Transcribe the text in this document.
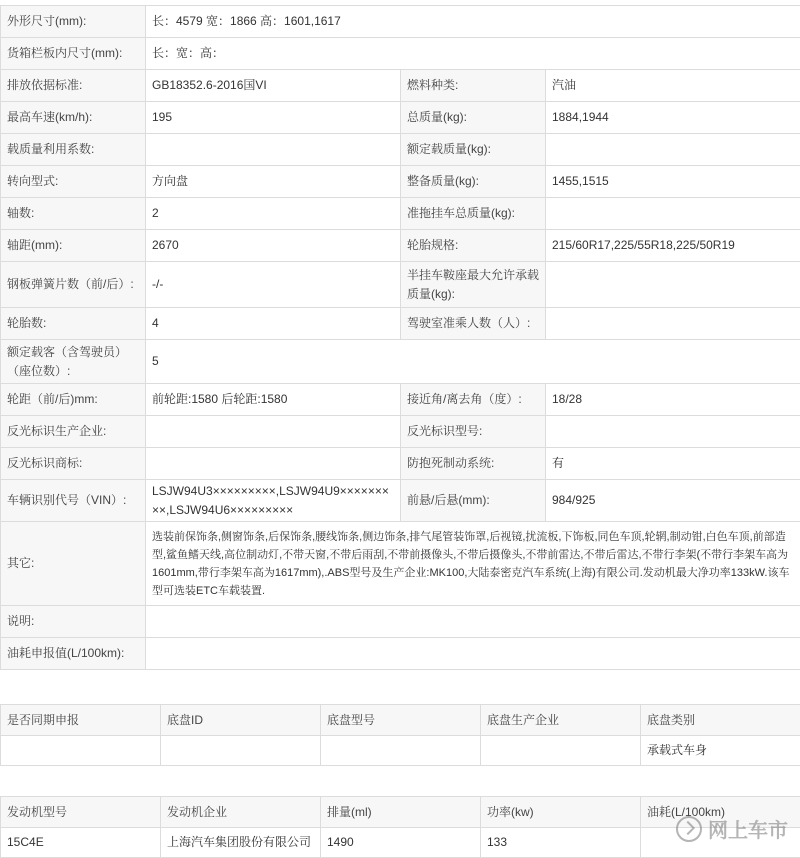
外形尺寸(mm):	长：4579 宽：1866 高：1601,1617		
货箱栏板内尺寸(mm):	长：宽：高：		
排放依据标准:	GB18352.6-2016国VI	燃料种类:	汽油
最高车速(km/h):	195	总质量(kg):	1884,1944
载质量利用系数:		额定载质量(kg):	
转向型式:	方向盘	整备质量(kg):	1455,1515
轴数:	2	准拖挂车总质量(kg):	
轴距(mm):	2670	轮胎规格:	215/60R17,225/55R18,225/50R19
钢板弹簧片数（前/后）:	-/-	半挂车鞍座最大允许承载质量(kg):	
轮胎数:	4	驾驶室准乘人数（人）:	
额定载客（含驾驶员）（座位数）:	5		
轮距（前/后)mm:	前轮距:1580 后轮距:1580	接近角/离去角（度）:	18/28
反光标识生产企业:		反光标识型号:	
反光标识商标:		防抱死制动系统:	有
车辆识别代号（VIN）:	LSJW94U3×××××××××,LSJW94U9×××××××××,LSJW94U6×××××××××	前悬/后悬(mm):	984/925
其它:	选装前保饰条,侧窗饰条,后保饰条,腰线饰条,侧边饰条,排气尾管装饰罩,后视镜,扰流板,下饰板,同色车顶,轮辋,制动钳,白色车顶,前部造型,鲨鱼鳍天线,高位制动灯,不带天窗,不带后雨刮,不带前摄像头,不带后摄像头,不带前雷达,不带后雷达,不带行李架(不带行李架车高为1601mm,带行李架车高为1617mm),.ABS型号及生产企业:MK100,大陆泰密克汽车系统(上海)有限公司.发动机最大净功率133kW.该车型可选装ETC车载装置.		
说明:			
油耗申报值(L/100km):			
是否同期申报	底盘ID	底盘型号	底盘生产企业	底盘类别
				承载式车身
发动机型号	发动机企业	排量(ml)	功率(kw)	油耗(L/100km)
15C4E	上海汽车集团股份有限公司	1490	133		网上车市
